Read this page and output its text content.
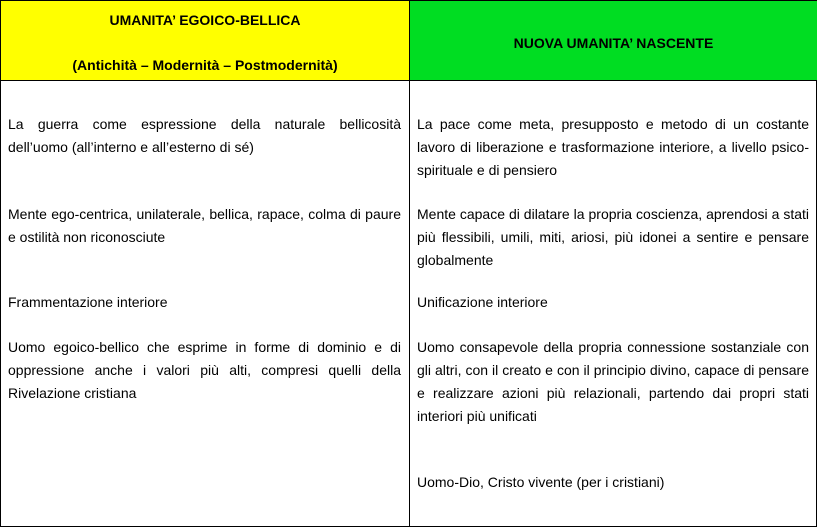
UMANITA’ EGOICO-BELLICA
(Antichità – Modernità – Postmodernità)
La guerra come espressione della naturale bellicosità dell’uomo (all’interno e all’esterno di sé)
Mente ego-centrica, unilaterale, bellica, rapace, colma di paure e ostilità non riconosciute
Frammentazione interiore
Uomo egoico-bellico che esprime in forme di dominio e di oppressione anche i valori più alti, compresi quelli della Rivelazione cristiana
NUOVA UMANITA’ NASCENTE
La pace come meta, presupposto e metodo di un costante lavoro di liberazione e trasformazione interiore, a livello psico-spirituale e di pensiero
Mente capace di dilatare la propria coscienza, aprendosi a stati più flessibili, umili, miti, ariosi, più idonei a sentire e pensare globalmente
Unificazione interiore
Uomo consapevole della propria connessione sostanziale con gli altri, con il creato e con il principio divino, capace di pensare e realizzare azioni più relazionali, partendo dai propri stati interiori più unificati
Uomo-Dio, Cristo vivente (per i cristiani)
